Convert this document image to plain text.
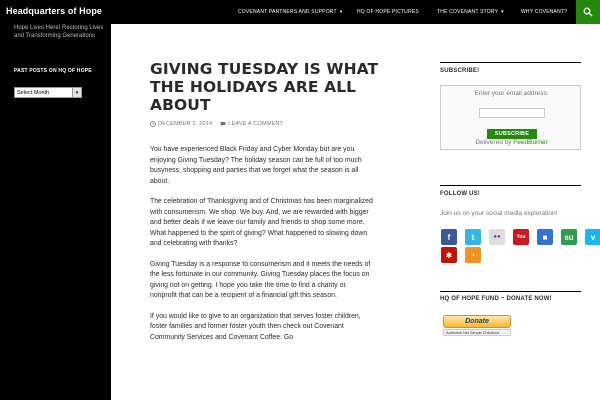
Headquarters of Hope	COVENANT PARTNERS AND SUPPORT ▾	HQ OF HOPE PICTURES	THE COVENANT STORY ▾	WHY COVENANT?
Hope Lives Here! Restoring Lives and Transforming Generations
PAST POSTS ON HQ OF HOPE
Select Month	▾
GIVING TUESDAY IS WHAT THE HOLIDAYS ARE ALL ABOUT
DECEMBER 2, 2014	LEAVE A COMMENT

You have experienced Black Friday and Cyber Monday but are you enjoying Giving Tuesday? The holiday season can be full of too much busyness, shopping and parties that we forget what the season is all about.

The celebration of Thanksgiving and of Christmas has been marginalized with consumerism. We shop. We buy. And, we are rewarded with bigger and better deals if we leave our family and friends to shop some more. What happened to the spirit of giving? What happened to slowing down and celebrating with thanks?

Giving Tuesday is a response to consumerism and it meets the needs of the less fortunate in our community. Giving Tuesday places the focus on giving not on getting. I hope you take the time to find a charity or nonprofit that can be a recipient of a financial gift this season.

If you would like to give to an organization that serves foster children, foster families and former foster youth then check out Covenant Community Services and Covenant Coffee. Go

SUBSCRIBE!
Enter your email address:
SUBSCRIBE
Delivered by FeedBurner
FOLLOW US!
Join us on your social media exploration!
f	t	● ●	You	■	su	v
✱	◔
HQ OF HOPE FUND ~ DONATE NOW!
Donate
Authorize.Net Simple Checkout
